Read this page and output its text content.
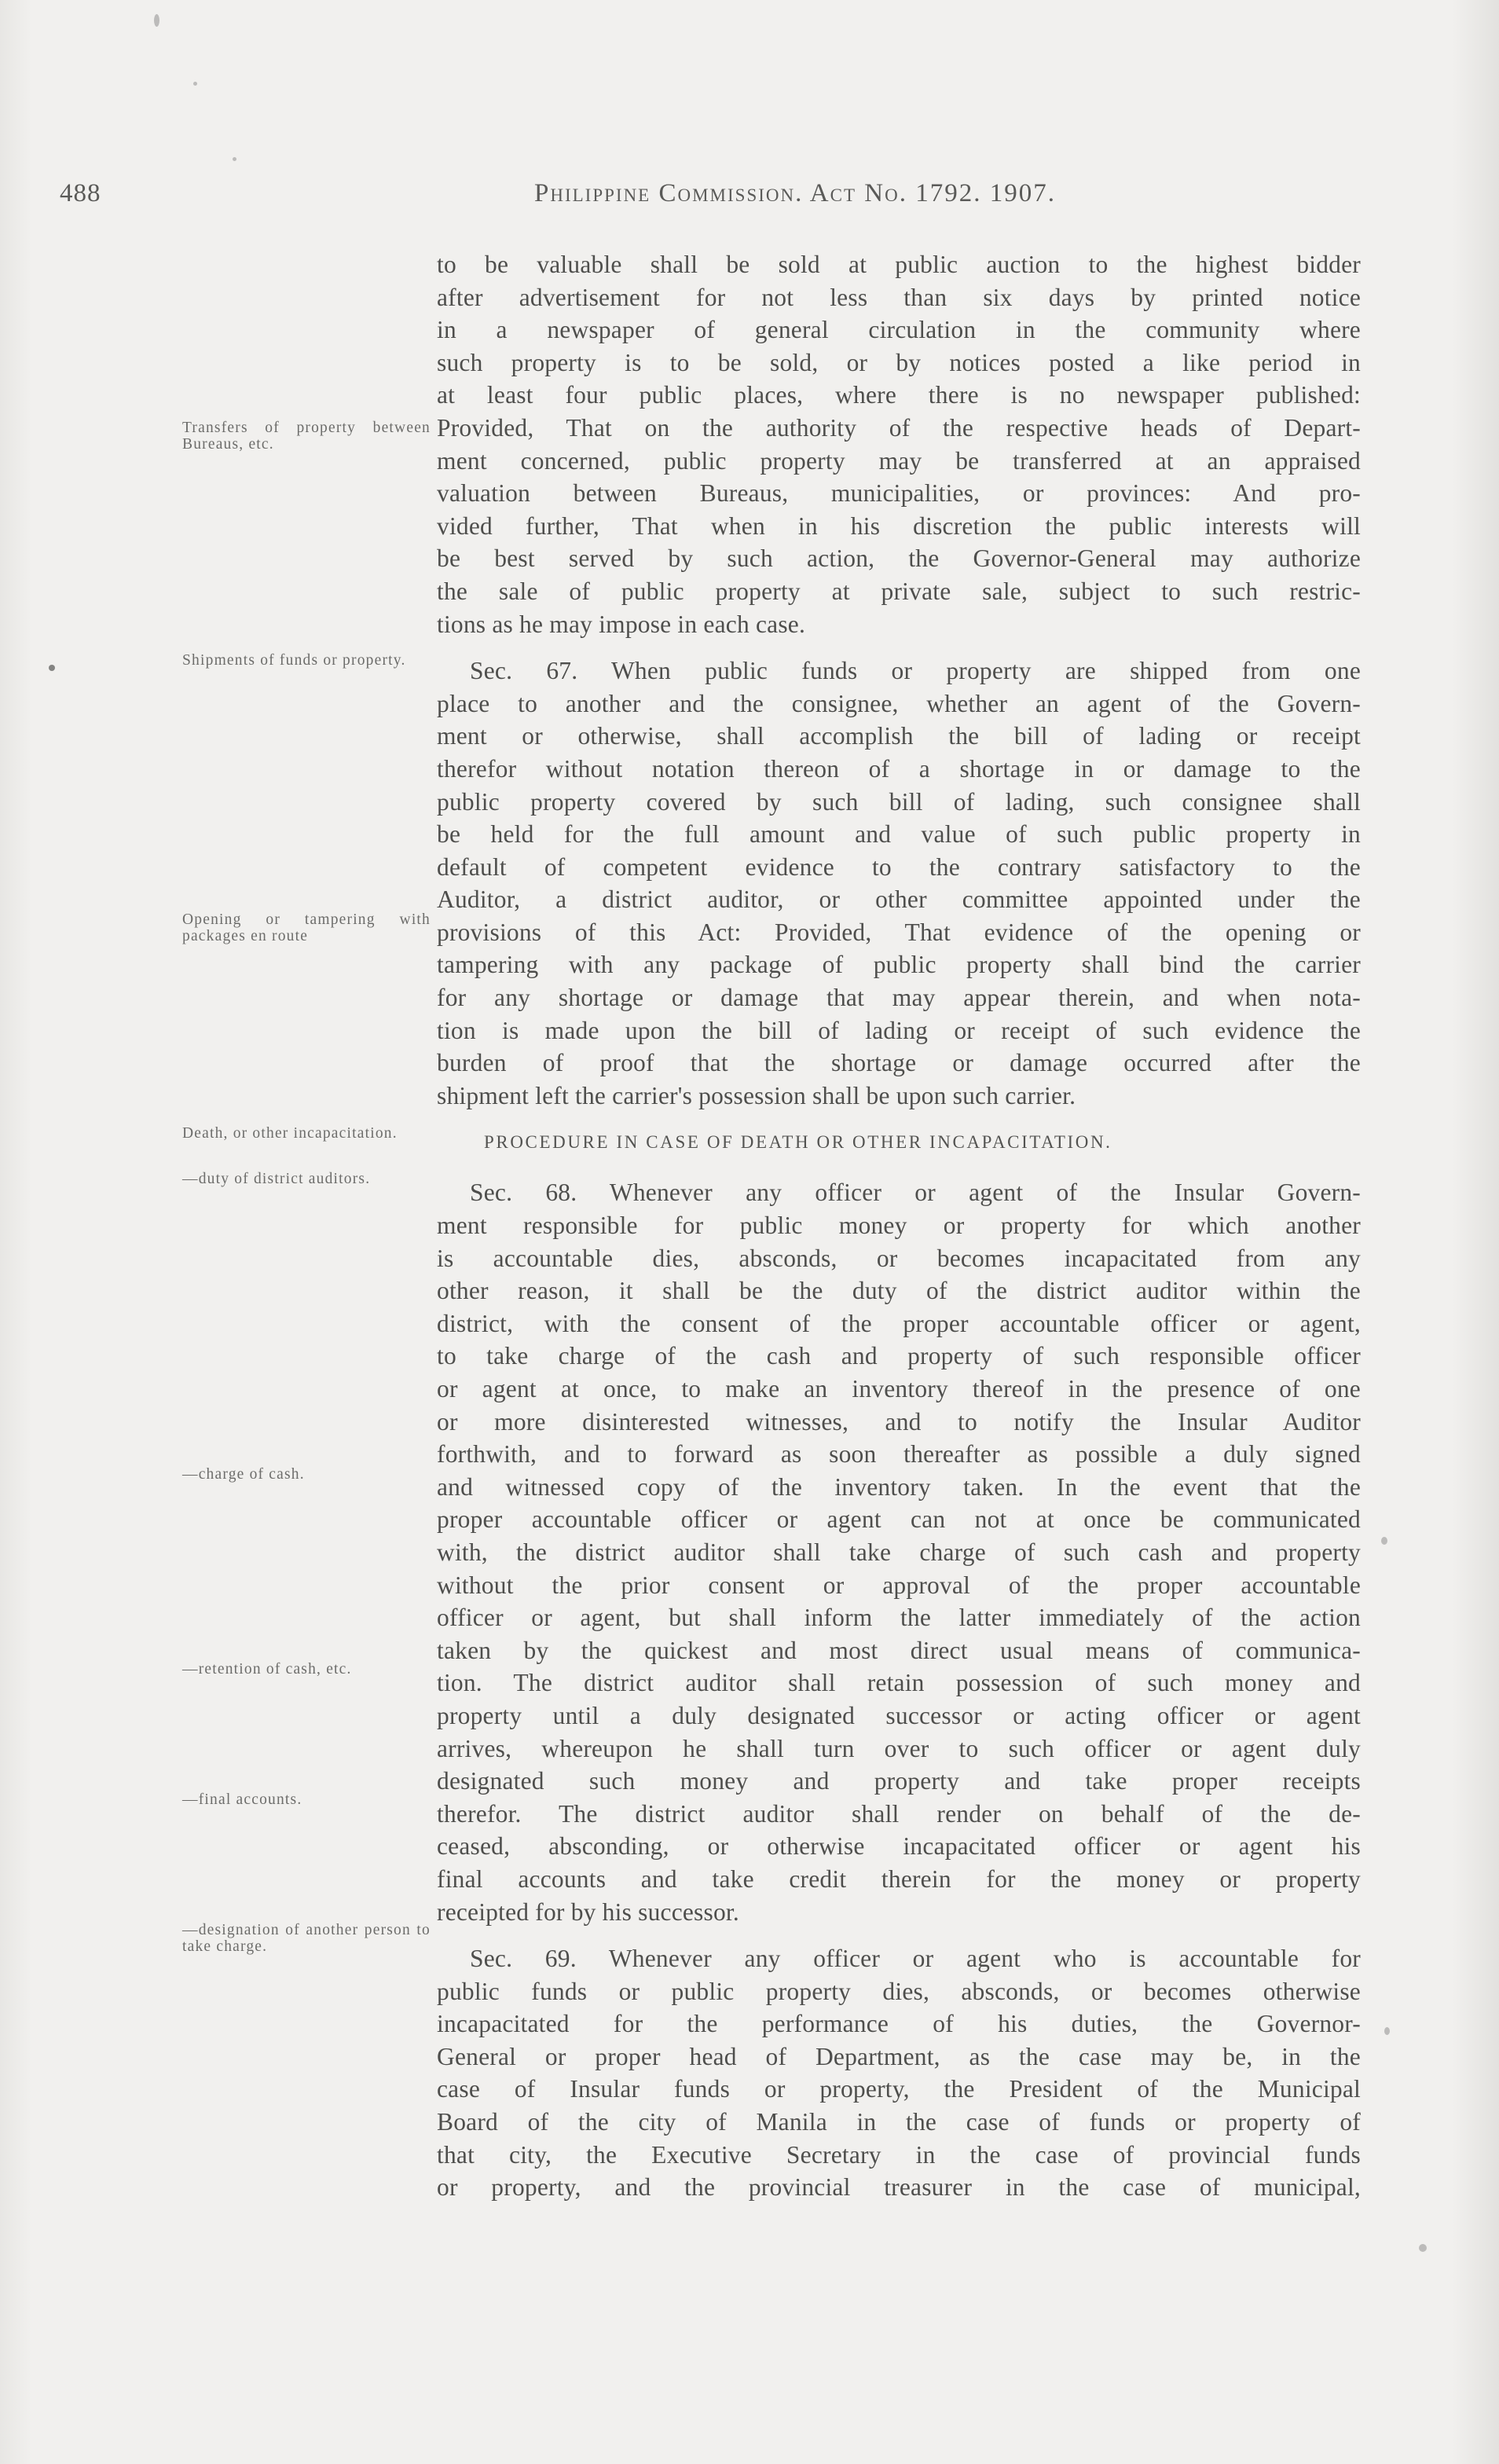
488	Philippine Commission. Act No. 1792. 1907.
Transfers of property between Bureaus, etc.
Shipments of funds or property.
Opening or tampering with packages en route
Death, or other incapacitation.
—duty of district auditors.
—charge of cash.
—retention of cash, etc.
—final accounts.
—designation of another person to take charge.
to be valuable shall be sold at public auction to the highest bidder
after advertisement for not less than six days by printed notice
in a newspaper of general circulation in the community where
such property is to be sold, or by notices posted a like period in
at least four public places, where there is no newspaper published:
Provided, That on the authority of the respective heads of Depart-
ment concerned, public property may be transferred at an appraised
valuation between Bureaus, municipalities, or provinces: And pro-
vided further, That when in his discretion the public interests will
be best served by such action, the Governor-General may authorize
the sale of public property at private sale, subject to such restric-
tions as he may impose in each case.
Sec. 67. When public funds or property are shipped from one
place to another and the consignee, whether an agent of the Govern-
ment or otherwise, shall accomplish the bill of lading or receipt
therefor without notation thereon of a shortage in or damage to the
public property covered by such bill of lading, such consignee shall
be held for the full amount and value of such public property in
default of competent evidence to the contrary satisfactory to the
Auditor, a district auditor, or other committee appointed under the
provisions of this Act: Provided, That evidence of the opening or
tampering with any package of public property shall bind the carrier
for any shortage or damage that may appear therein, and when nota-
tion is made upon the bill of lading or receipt of such evidence the
burden of proof that the shortage or damage occurred after the
shipment left the carrier's possession shall be upon such carrier.
PROCEDURE IN CASE OF DEATH OR OTHER INCAPACITATION.
Sec. 68. Whenever any officer or agent of the Insular Govern-
ment responsible for public money or property for which another
is accountable dies, absconds, or becomes incapacitated from any
other reason, it shall be the duty of the district auditor within the
district, with the consent of the proper accountable officer or agent,
to take charge of the cash and property of such responsible officer
or agent at once, to make an inventory thereof in the presence of one
or more disinterested witnesses, and to notify the Insular Auditor
forthwith, and to forward as soon thereafter as possible a duly signed
and witnessed copy of the inventory taken. In the event that the
proper accountable officer or agent can not at once be communicated
with, the district auditor shall take charge of such cash and property
without the prior consent or approval of the proper accountable
officer or agent, but shall inform the latter immediately of the action
taken by the quickest and most direct usual means of communica-
tion. The district auditor shall retain possession of such money and
property until a duly designated successor or acting officer or agent
arrives, whereupon he shall turn over to such officer or agent duly
designated such money and property and take proper receipts
therefor. The district auditor shall render on behalf of the de-
ceased, absconding, or otherwise incapacitated officer or agent his
final accounts and take credit therein for the money or property
receipted for by his successor.
Sec. 69. Whenever any officer or agent who is accountable for
public funds or public property dies, absconds, or becomes otherwise
incapacitated for the performance of his duties, the Governor-
General or proper head of Department, as the case may be, in the
case of Insular funds or property, the President of the Municipal
Board of the city of Manila in the case of funds or property of
that city, the Executive Secretary in the case of provincial funds
or property, and the provincial treasurer in the case of municipal,
